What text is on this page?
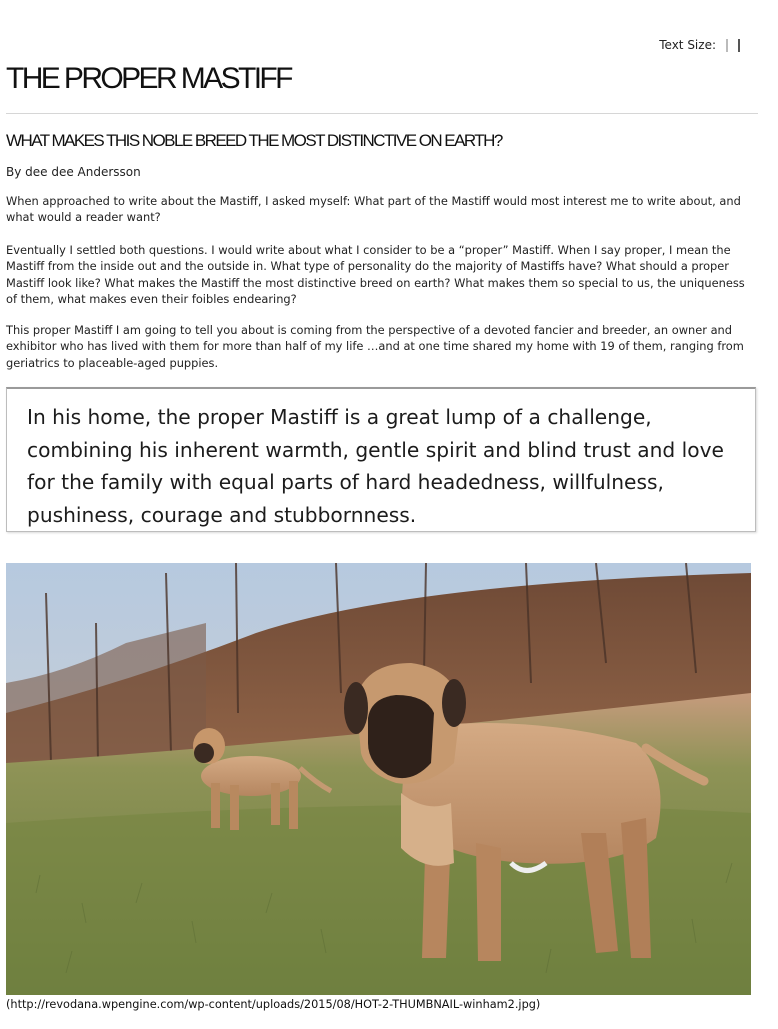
Text Size:
THE PROPER MASTIFF
WHAT MAKES THIS NOBLE BREED THE MOST DISTINCTIVE ON EARTH?

By dee dee Andersson

When approached to write about the Mastiff, I asked myself: What part of the Mastiff would most interest me to write about, and what would a reader want?

Eventually I settled both questions. I would write about what I consider to be a “proper” Mastiff. When I say proper, I mean the Mastiff from the inside out and the outside in. What type of personality do the majority of Mastiffs have? What should a proper Mastiff look like? What makes the Mastiff the most distinctive breed on earth? What makes them so special to us, the uniqueness of them, what makes even their foibles endearing?

This proper Mastiff I am going to tell you about is coming from the perspective of a devoted fancier and breeder, an owner and exhibitor who has lived with them for more than half of my life …and at one time shared my home with 19 of them, ranging from geriatrics to placeable-aged puppies.

In his home, the proper Mastiff is a great lump of a challenge, combining his inherent warmth, gentle spirit and blind trust and love for the family with equal parts of hard headedness, willfulness, pushiness, courage and stubbornness.

(http://revodana.wpengine.com/wp-content/uploads/2015/08/HOT-2-THUMBNAIL-winham2.jpg)
